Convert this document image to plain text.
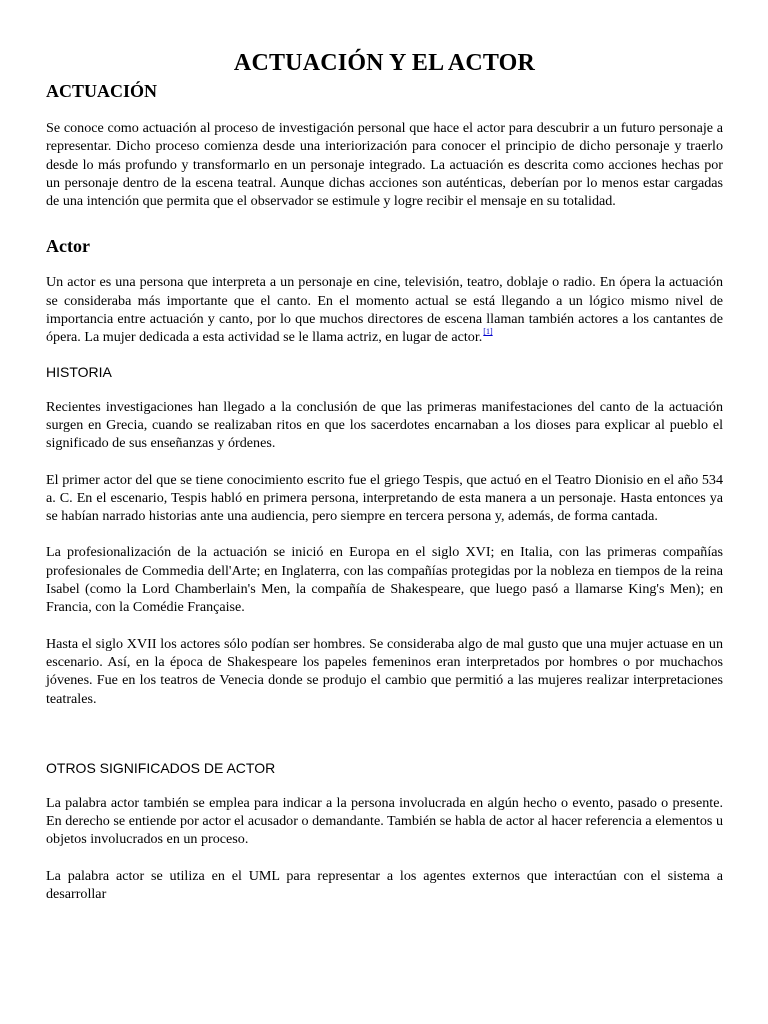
ACTUACIÓN Y EL ACTOR
ACTUACIÓN

Se conoce como actuación al proceso de investigación personal que hace el actor para descubrir a un futuro personaje a representar. Dicho proceso comienza desde una interiorización para conocer el principio de dicho personaje y traerlo desde lo más profundo y transformarlo en un personaje integrado. La actuación es descrita como acciones hechas por un personaje dentro de la escena teatral. Aunque dichas acciones son auténticas, deberían por lo menos estar cargadas de una intención que permita que el observador se estimule y logre recibir el mensaje en su totalidad.

Actor

Un actor es una persona que interpreta a un personaje en cine, televisión, teatro, doblaje o radio. En ópera la actuación se consideraba más importante que el canto. En el momento actual se está llegando a un lógico mismo nivel de importancia entre actuación y canto, por lo que muchos directores de escena llaman también actores a los cantantes de ópera. La mujer dedicada a esta actividad se le llama actriz, en lugar de actor.[1]

HISTORIA

Recientes investigaciones han llegado a la conclusión de que las primeras manifestaciones del canto de la actuación surgen en Grecia, cuando se realizaban ritos en que los sacerdotes encarnaban a los dioses para explicar al pueblo el significado de sus enseñanzas y órdenes.

El primer actor del que se tiene conocimiento escrito fue el griego Tespis, que actuó en el Teatro Dionisio en el año 534 a. C. En el escenario, Tespis habló en primera persona, interpretando de esta manera a un personaje. Hasta entonces ya se habían narrado historias ante una audiencia, pero siempre en tercera persona y, además, de forma cantada.

La profesionalización de la actuación se inició en Europa en el siglo XVI; en Italia, con las primeras compañías profesionales de Commedia dell'Arte; en Inglaterra, con las compañías protegidas por la nobleza en tiempos de la reina Isabel (como la Lord Chamberlain's Men, la compañía de Shakespeare, que luego pasó a llamarse King's Men); en Francia, con la Comédie Française.

Hasta el siglo XVII los actores sólo podían ser hombres. Se consideraba algo de mal gusto que una mujer actuase en un escenario. Así, en la época de Shakespeare los papeles femeninos eran interpretados por hombres o por muchachos jóvenes. Fue en los teatros de Venecia donde se produjo el cambio que permitió a las mujeres realizar interpretaciones teatrales.

OTROS SIGNIFICADOS DE ACTOR

La palabra actor también se emplea para indicar a la persona involucrada en algún hecho o evento, pasado o presente. En derecho se entiende por actor el acusador o demandante. También se habla de actor al hacer referencia a elementos u objetos involucrados en un proceso.

La palabra actor se utiliza en el UML para representar a los agentes externos que interactúan con el sistema a desarrollar
